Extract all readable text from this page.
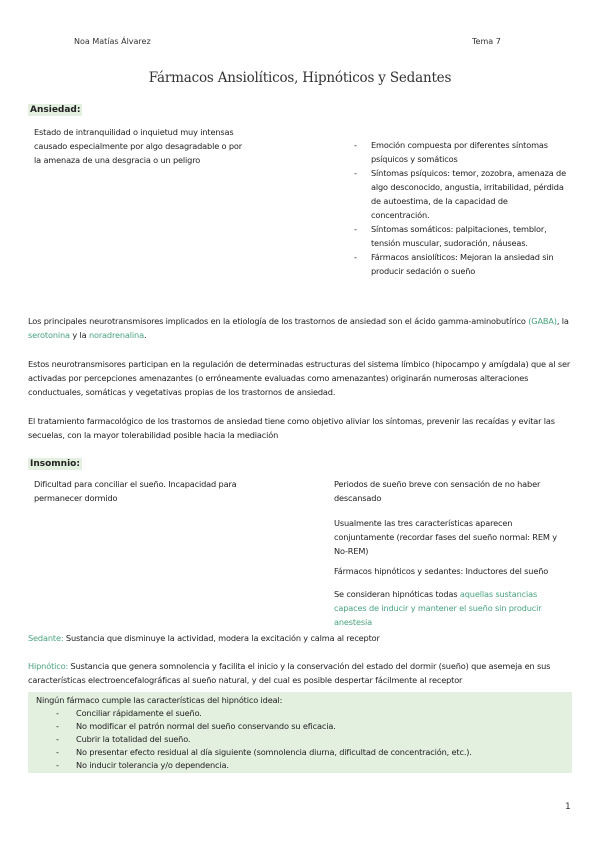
Noa Matías Álvarez	Tema 7
Fármacos Ansiolíticos, Hipnóticos y Sedantes
Ansiedad:
Estado de intranquilidad o inquietud muy intensas causado especialmente por algo desagradable o por la amenaza de una desgracia o un peligro
- Emoción compuesta por diferentes síntomas psíquicos y somáticos
- Síntomas psíquicos: temor, zozobra, amenaza de algo desconocido, angustia, irritabilidad, pérdida de autoestima, de la capacidad de concentración.
- Síntomas somáticos: palpitaciones, temblor, tensión muscular, sudoración, náuseas.
- Fármacos ansiolíticos: Mejoran la ansiedad sin producir sedación o sueño
Los principales neurotransmisores implicados en la etiología de los trastornos de ansiedad son el ácido gamma-aminobutírico (GABA), la serotonina y la noradrenalina.
Estos neurotransmisores participan en la regulación de determinadas estructuras del sistema límbico (hipocampo y amígdala) que al ser activadas por percepciones amenazantes (o erróneamente evaluadas como amenazantes) originarán numerosas alteraciones conductuales, somáticas y vegetativas propias de los trastornos de ansiedad.
El tratamiento farmacológico de los trastornos de ansiedad tiene como objetivo aliviar los síntomas, prevenir las recaídas y evitar las secuelas, con la mayor tolerabilidad posible hacia la mediación
Insomnio:
Dificultad para conciliar el sueño. Incapacidad para permanecer dormido
Periodos de sueño breve con sensación de no haber descansado
Usualmente las tres características aparecen conjuntamente (recordar fases del sueño normal: REM y No-REM)
Fármacos hipnóticos y sedantes: Inductores del sueño
Se consideran hipnóticas todas aquellas sustancias capaces de inducir y mantener el sueño sin producir anestesia
Sedante: Sustancia que disminuye la actividad, modera la excitación y calma al receptor
Hipnótico: Sustancia que genera somnolencia y facilita el inicio y la conservación del estado del dormir (sueño) que asemeja en sus características electroencefalográficas al sueño natural, y del cual es posible despertar fácilmente al receptor
Ningún fármaco cumple las características del hipnótico ideal:
- Conciliar rápidamente el sueño.
- No modificar el patrón normal del sueño conservando su eficacia.
- Cubrir la totalidad del sueño.
- No presentar efecto residual al día siguiente (somnolencia diurna, dificultad de concentración, etc.).
- No inducir tolerancia y/o dependencia.
1
